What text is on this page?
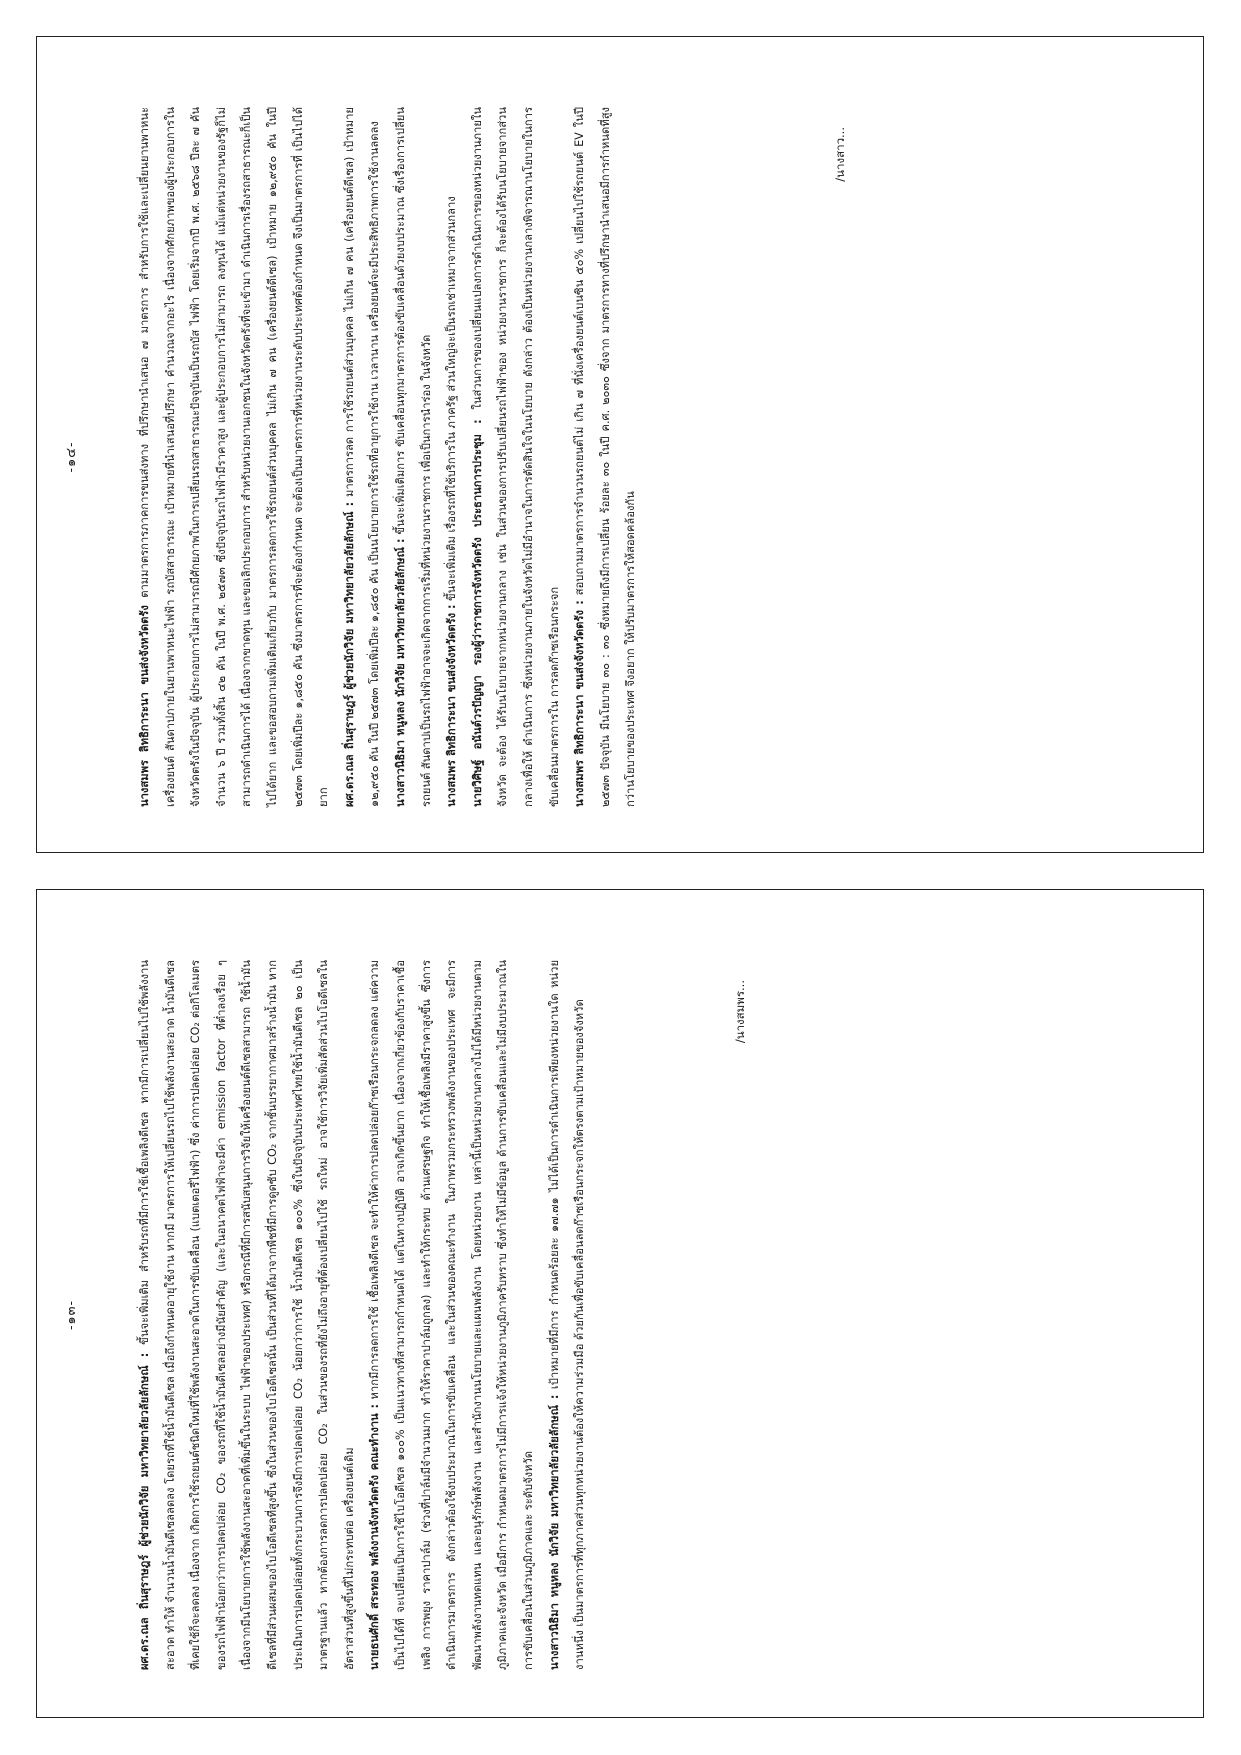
-๑๔-

นางสมพร ลิทธิการะนา ขนส่งจังหวัดตรัง ตามมาตรการภาคการขนส่งทาง ที่ปรึกษานำเสนอ ๗ มาตรการ สำหรับการใช้และเปลี่ยนยานพาหนะเครื่องยนต์ สันดาปภายในยานพาหนะไฟฟ้า รถบัสสาธารณะ เป้าหมายที่นำเสนอที่ปรึกษา คำนวณจากอะไร เนื่องจากศักยภาพของผู้ประกอบการในจังหวัดตรังในปัจจุบัน ผู้ประกอบการไม่สามารถมีศักยภาพในการเปลี่ยนรถสาธารณะปัจจุบันเป็นรถบัส ไฟฟ้า โดยเริ่มจากปี พ.ศ. ๒๕๖๘ ปีละ ๗ คัน จำนวน ๖ ปี รวมทั้งสิ้น ๔๒ คัน ในปี พ.ศ. ๒๕๗๓ ซึ่งปัจจุบันรถไฟฟ้ามีราคาสูง และผู้ประกอบการไม่สามารถ ลงทุนได้ แม้แต่หน่วยงานของรัฐก็ไม่สามารถดำเนินการได้ เนื่องจากขาดทุน และขอเลิกประกอบการ สำหรับหน่วยงานเอกชนในจังหวัดตรังที่จะเข้ามา ดำเนินการเรื่องรถสาธารณะก็เป็นไปได้ยาก และขอสอบถามเพิ่มเติมเกี่ยวกับ มาตรการลดการใช้รถยนต์ส่วนบุคคล ไม่เกิน ๗ คน (เครื่องยนต์ดีเซล) เป้าหมาย ๑๒,๙๕๐ คัน ในปี ๒๕๗๓ โดยเพิ่มปีละ ๑,๘๕๐ คัน ซึ่งมาตรการที่จะต้องกำหนด จะต้องเป็นมาตรการที่หน่วยงานระดับประเทศต้องกำหนด จึงเป็นมาตรการที่ เป็นไปได้ยาก	ผศ.ดร.ณล ถิ่นสุราษฎร์ ผู้ช่วยนักวิจัย มหาวิทยาลัยวลัยลักษณ์ : มาตรการลด การใช้รถยนต์ส่วนบุคคล ไม่เกิน ๗ คน (เครื่องยนต์ดีเซล) เป้าหมาย ๑๒,๙๕๐ คัน ในปี ๒๕๗๓ โดยเพิ่มปีละ ๑,๘๕๐ คัน เป็นนโยบายการใช้รถที่อายุการใช้งาน เวลานาน เครื่องยนต์จะมีประสิทธิภาพการใช้งานลดลง	นางสาวนิธิมา หนูหลง นักวิจัย มหาวิทยาลัยวลัยลักษณ์ : ขึ้นจะเพิ่มเติมการ ขับเคลื่อนทุกมาตรการต้องขับเคลื่อนด้วยงบประมาณ ซึ่งเรื่องการเปลี่ยนรถยนต์ สันดาปเป็นรถไฟฟ้าอาจจะเกิดจากการเริ่มที่หน่วยงานราชการ เพื่อเป็นการนำร่อง ในจังหวัด	นางสมพร ลิทธิการะนา ขนส่งจังหวัดตรัง : ขึ้นจะเพิ่มเติม เรื่องรถที่ใช้บริการใน ภาครัฐ ส่วนใหญ่จะเป็นรถเช่าเหมาจากส่วนกลาง

นายวิศิษฐ์ อนันต์วรปัญญา รองผู้ว่าราชการจังหวัดตรัง ประธานการประชุม : ในส่วนการของเปลี่ยนแปลงการดำเนินการของหน่วยงานภายในจังหวัด จะต้อง ได้รับนโยบายจากหน่วยงานกลาง เช่น ในส่วนของการปรับเปลี่ยนรถไฟฟ้าของ หน่วยงานราชการ ก็จะต้องได้รับนโยบายจากส่วนกลางเพื่อให้ ดำเนินการ ซึ่งหน่วยงานภายในจังหวัดไม่มีอำนาจในการตัดสินใจในนโยบาย ดังกล่าว ต้องเป็นหน่วยงานกลางพิจารณานโยบายในการขับเคลื่อนมาตรการใน การลดก๊าซเรือนกระจก	นางสมพร ลิทธิการะนา ขนส่งจังหวัดตรัง : สอบถามมาตรการจำนวนรถยนต์ไม่ เกิน ๗ ที่นั่งเครื่องยนต์เบนซิน ๕๐% เปลี่ยนไปใช้รถยนต์ EV ในปี ๒๕๗๓ ปัจจุบัน มีนโยบาย ๓๐ : ๓๐ ซึ่งหมายถึงมีการเปลี่ยน ร้อยละ ๓๐ ในปี ค.ศ. ๒๐๓๐ ซึ่งจาก มาตรการทางที่ปรึกษานำเสนอมีการกำหนดที่สูงกว่านโยบายของประเทศ จึงอยาก ให้ปรับมาตรการให้สอดคล้องกัน

/นางสาว...
-๑๓-

ผศ.ดร.ณล ถิ่นสุราษฎร์ ผู้ช่วยนักวิจัย มหาวิทยาลัยวลัยลักษณ์ : ขึ้นจะเพิ่มเติม สำหรับรถที่มีการใช้เชื้อเพลิงดีเซล หากมีการเปลี่ยนไปใช้พลังงานสะอาด ทำให้ จำนวนน้ำมันดีเซลลดลง โดยรถที่ใช้น้ำมันดีเซล เมื่อถึงกำหนดอายุใช้งาน หากมี มาตรการให้เปลี่ยนรถไปใช้พลังงานสะอาด น้ำมันดีเซลที่เคยใช้ก็จะลดลง เนื่องจาก เกิดการใช้รถยนต์ชนิดใหม่ที่ใช้พลังงานสะอาดในการขับเคลื่อน (แบตเตอรี่ไฟฟ้า) ซึ่ง ค่าการปลดปล่อย CO₂ ต่อกิโลเมตร ของรถไฟฟ้าน้อยกว่าการปลดปล่อย CO₂ ของรถที่ใช้น้ำมันดีเซลอย่างมีนัยสำคัญ (และในอนาคตไฟฟ้าจะมีค่า emission factor ที่ต่ำลงเรื่อย ๆ เนื่องจากมีนโยบายการใช้พลังงานสะอาดที่เพิ่มขึ้นในระบบ ไฟฟ้าของประเทศ) หรือกรณีที่มีการสนับสนุนการวิจัยให้เครื่องยนต์ดีเซลสามารถ ใช้น้ำมันดีเซลที่มีส่วนผสมของไบโอดีเซลที่สูงขึ้น ซึ่งในส่วนของไบโอดีเซลนั้น เป็นส่วนที่ได้มาจากพืชที่มีการดูดซับ CO₂ จากชั้นบรรยากาศมาสร้างน้ำมัน หาก ประเมินการปลดปล่อยทั้งกระบวนการจึงมีการปลดปล่อย CO₂ น้อยกว่าการใช้ น้ำมันดีเซล ๑๐๐% ซึ่งในปัจจุบันประเทศไทยใช้น้ำมันดีเซล ๒๐ เป็นมาตรฐานแล้ว หากต้องการลดการปลดปล่อย CO₂ ในส่วนของรถที่ยังไม่ถึงอายุที่ต้องเปลี่ยนไปใช้ รถใหม่ อาจใช้การวิจัยเพิ่มสัดส่วนไบโอดีเซลในอัตราส่วนที่สูงขึ้นที่ไม่กระทบต่อ เครื่องยนต์เดิม	นายธนศักดิ์ สระทอง พลังงานจังหวัดตรัง คณะทำงาน : หากมีการลดการใช้ เชื้อเพลิงดีเซล จะทำให้ค่าการปลดปล่อยก๊าซเรือนกระจกลดลง แต่ความเป็นไปได้ที่ จะเปลี่ยนเป็นการใช้ไบโอดีเซล ๑๐๐% เป็นแนวทางที่สามารถกำหนดได้ แต่ในทางปฏิบัติ อาจเกิดขึ้นยาก เนื่องจากเกี่ยวข้องกับราคาเชื้อเพลิง การพยุง ราคาปาล์ม (ช่วงที่ปาล์มมีจำนวนมาก ทำให้ราคาปาล์มถูกลง) และทำให้กระทบ ด้านเศรษฐกิจ ทำให้เชื้อเพลิงมีราคาสูงขึ้น ซึ่งการดำเนินการมาตรการ ดังกล่าวต้องใช้งบประมาณในการขับเคลื่อน และในส่วนของคณะทำงาน ในภาพรวมกระทรวงพลังงานของประเทศ จะมีการพัฒนาพลังงานทดแทน และอนุรักษ์พลังงาน และสำนักงานนโยบายและแผนพลังงาน โดยหน่วยงาน เหล่านี้เป็นหน่วยงานกลางไม่ได้มีหน่วยงานตามภูมิภาคและจังหวัด เมื่อมีการ กำหนดมาตรการไม่มีการแจ้งให้หน่วยงานภูมิภาครับทราบ ซึ่งทำให้ไม่มีข้อมูล ด้านการขับเคลื่อนและไม่มีงบประมาณในการขับเคลื่อนในส่วนภูมิภาคและ ระดับจังหวัด	นางสาวนิธิมา หนูหลง นักวิจัย มหาวิทยาลัยวลัยลักษณ์ : เป้าหมายที่มีการ กำหนดร้อยละ ๑๗.๗๑ ไม่ได้เป็นการดำเนินการเพียงหน่วยงานใด หน่วยงานหนึ่ง เป็นมาตรการที่ทุกภาคส่วนทุกหน่วยงานต้องให้ความร่วมมือ ด้วยกันเพื่อขับเคลื่อนลดก๊าซเรือนกระจกให้ตรงตามเป้าหมายของจังหวัด	/นางสมพร...
